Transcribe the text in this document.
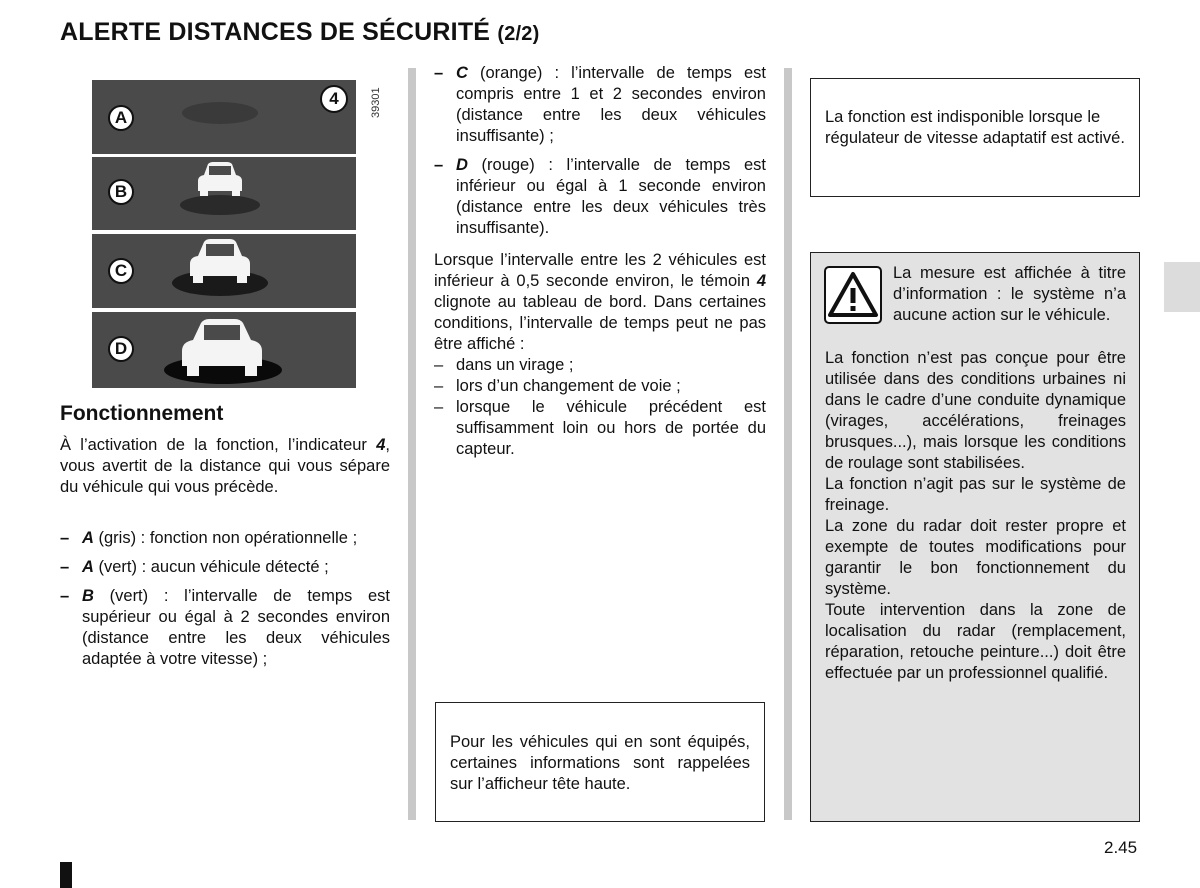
ALERTE DISTANCES DE SÉCURITÉ (2/2)
39301
A
4
B
C
D
Fonctionnement
À l’activation de la fonction, l’indicateur 4, vous avertit de la distance qui vous sépare du véhicule qui vous précède.
– A (gris) : fonction non opérationnelle ;
– A (vert) : aucun véhicule détecté ;
– B (vert) : l’intervalle de temps est supérieur ou égal à 2 secondes environ (distance entre les deux véhicules adaptée à votre vitesse) ;
– C (orange) : l’intervalle de temps est compris entre 1 et 2 secondes environ (distance entre les deux véhicules insuffisante) ;
– D (rouge) : l’intervalle de temps est inférieur ou égal à 1 seconde environ (distance entre les deux véhicules très insuffisante).
Lorsque l’intervalle entre les 2 véhicules est inférieur à 0,5 seconde environ, le témoin 4 clignote au tableau de bord. Dans certaines conditions, l’intervalle de temps peut ne pas être affiché :
– dans un virage ;
– lors d’un changement de voie ;
– lorsque le véhicule précédent est suffisamment loin ou hors de portée du capteur.
Pour les véhicules qui en sont équipés, certaines informations sont rappelées sur l’afficheur tête haute.
La fonction est indisponible lorsque le régulateur de vitesse adaptatif est activé.
La mesure est affichée à titre d’information : le système n’a aucune action sur le véhicule.
La fonction n’est pas conçue pour être utilisée dans des conditions urbaines ni dans le cadre d’une conduite dynamique (virages, accélérations, freinages brusques...), mais lorsque les conditions de roulage sont stabilisées.
La fonction n’agit pas sur le système de freinage.
La zone du radar doit rester propre et exempte de toutes modifications pour garantir le bon fonctionnement du système.
Toute intervention dans la zone de localisation du radar (remplacement, réparation, retouche peinture...) doit être effectuée par un professionnel qualifié.
2.45
